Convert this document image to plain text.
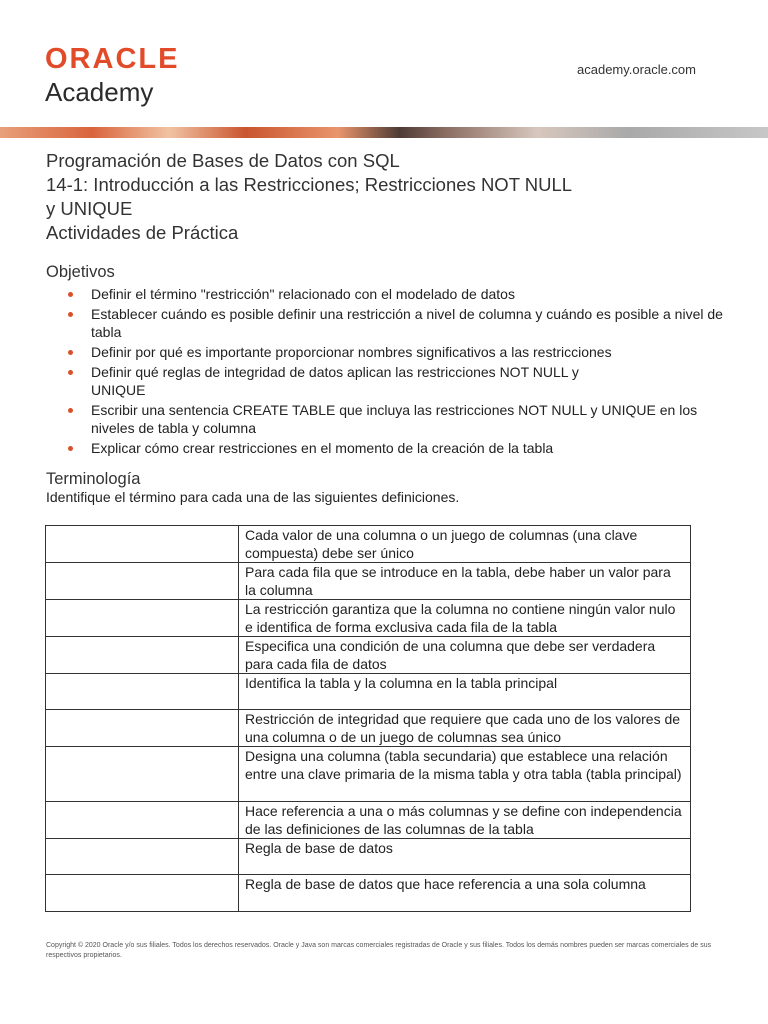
ORACLE
Academy
academy.oracle.com
Programación de Bases de Datos con SQL
14-1: Introducción a las Restricciones; Restricciones NOT NULL
y UNIQUE
Actividades de Práctica
Objetivos
Definir el término "restricción" relacionado con el modelado de datos
Establecer cuándo es posible definir una restricción a nivel de columna y cuándo es posible a nivel de tabla
Definir por qué es importante proporcionar nombres significativos a las restricciones
Definir qué reglas de integridad de datos aplican las restricciones NOT NULL y UNIQUE
Escribir una sentencia CREATE TABLE que incluya las restricciones NOT NULL y UNIQUE en los niveles de tabla y columna
Explicar cómo crear restricciones en el momento de la creación de la tabla
Terminología
Identifique el término para cada una de las siguientes definiciones.
	Cada valor de una columna o un juego de columnas (una clave compuesta) debe ser único
	Para cada fila que se introduce en la tabla, debe haber un valor para la columna
	La restricción garantiza que la columna no contiene ningún valor nulo e identifica de forma exclusiva cada fila de la tabla
	Especifica una condición de una columna que debe ser verdadera para cada fila de datos
	Identifica la tabla y la columna en la tabla principal
	Restricción de integridad que requiere que cada uno de los valores de una columna o de un juego de columnas sea único
	Designa una columna (tabla secundaria) que establece una relación entre una clave primaria de la misma tabla y otra tabla (tabla principal)
	Hace referencia a una o más columnas y se define con independencia de las definiciones de las columnas de la tabla
	Regla de base de datos
	Regla de base de datos que hace referencia a una sola columna
Copyright © 2020 Oracle y/o sus filiales. Todos los derechos reservados. Oracle y Java son marcas comerciales registradas de Oracle y sus filiales. Todos los demás nombres pueden ser marcas comerciales de sus respectivos propietarios.
